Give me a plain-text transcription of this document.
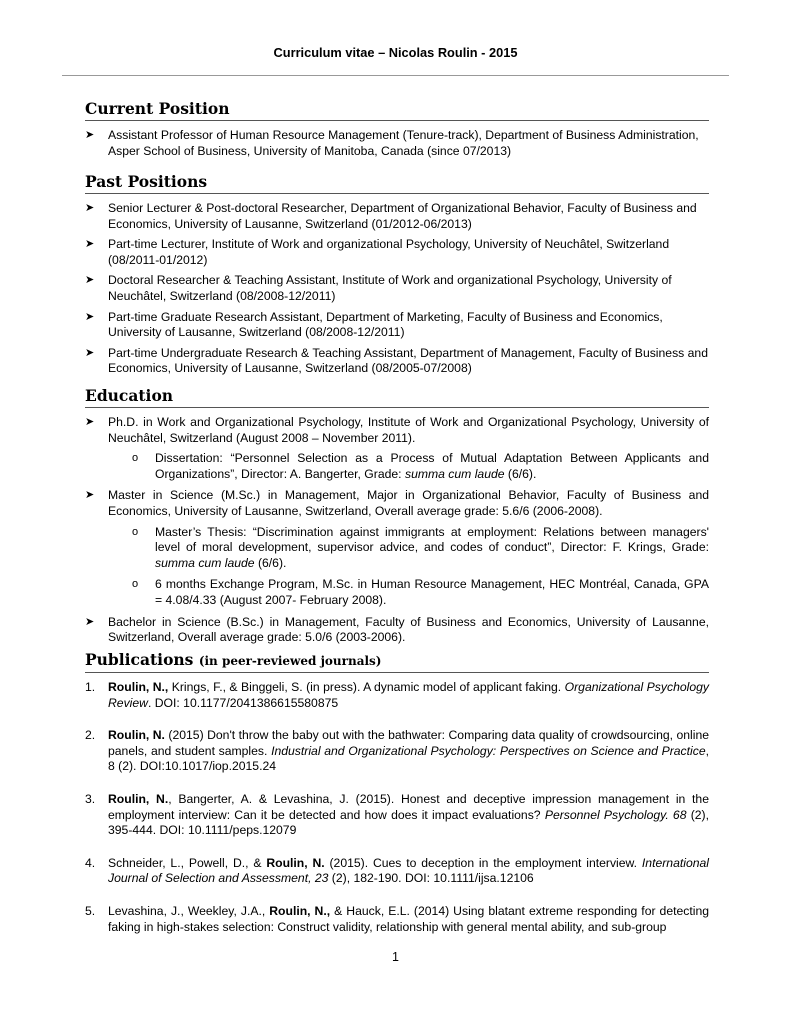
Curriculum vitae – Nicolas Roulin - 2015
Current Position
➤ Assistant Professor of Human Resource Management (Tenure-track), Department of Business Administration, Asper School of Business, University of Manitoba, Canada (since 07/2013)
Past Positions
➤ Senior Lecturer & Post-doctoral Researcher, Department of Organizational Behavior, Faculty of Business and Economics, University of Lausanne, Switzerland (01/2012-06/2013)
➤ Part-time Lecturer, Institute of Work and organizational Psychology, University of Neuchâtel, Switzerland (08/2011-01/2012)
➤ Doctoral Researcher & Teaching Assistant, Institute of Work and organizational Psychology, University of Neuchâtel, Switzerland (08/2008-12/2011)
➤ Part-time Graduate Research Assistant, Department of Marketing, Faculty of Business and Economics, University of Lausanne, Switzerland (08/2008-12/2011)
➤ Part-time Undergraduate Research & Teaching Assistant, Department of Management, Faculty of Business and Economics, University of Lausanne, Switzerland (08/2005-07/2008)
Education
➤ Ph.D. in Work and Organizational Psychology, Institute of Work and Organizational Psychology, University of Neuchâtel, Switzerland (August 2008 – November 2011).
o Dissertation: “Personnel Selection as a Process of Mutual Adaptation Between Applicants and Organizations”, Director: A. Bangerter, Grade: summa cum laude (6/6).
➤ Master in Science (M.Sc.) in Management, Major in Organizational Behavior, Faculty of Business and Economics, University of Lausanne, Switzerland, Overall average grade: 5.6/6 (2006-2008).
o Master’s Thesis: “Discrimination against immigrants at employment: Relations between managers' level of moral development, supervisor advice, and codes of conduct”, Director: F. Krings, Grade: summa cum laude (6/6).
o 6 months Exchange Program, M.Sc. in Human Resource Management, HEC Montréal, Canada, GPA = 4.08/4.33 (August 2007- February 2008).
➤ Bachelor in Science (B.Sc.) in Management, Faculty of Business and Economics, University of Lausanne, Switzerland, Overall average grade: 5.0/6 (2003-2006).
Publications (in peer-reviewed journals)
1. Roulin, N., Krings, F., & Binggeli, S. (in press). A dynamic model of applicant faking. Organizational Psychology Review. DOI: 10.1177/2041386615580875
2. Roulin, N. (2015) Don't throw the baby out with the bathwater: Comparing data quality of crowdsourcing, online panels, and student samples. Industrial and Organizational Psychology: Perspectives on Science and Practice, 8 (2). DOI:10.1017/iop.2015.24
3. Roulin, N., Bangerter, A. & Levashina, J. (2015). Honest and deceptive impression management in the employment interview: Can it be detected and how does it impact evaluations? Personnel Psychology. 68 (2), 395-444. DOI: 10.1111/peps.12079
4. Schneider, L., Powell, D., & Roulin, N. (2015). Cues to deception in the employment interview. International Journal of Selection and Assessment, 23 (2), 182-190. DOI: 10.1111/ijsa.12106
5. Levashina, J., Weekley, J.A., Roulin, N., & Hauck, E.L. (2014) Using blatant extreme responding for detecting faking in high-stakes selection: Construct validity, relationship with general mental ability, and sub-group
1
